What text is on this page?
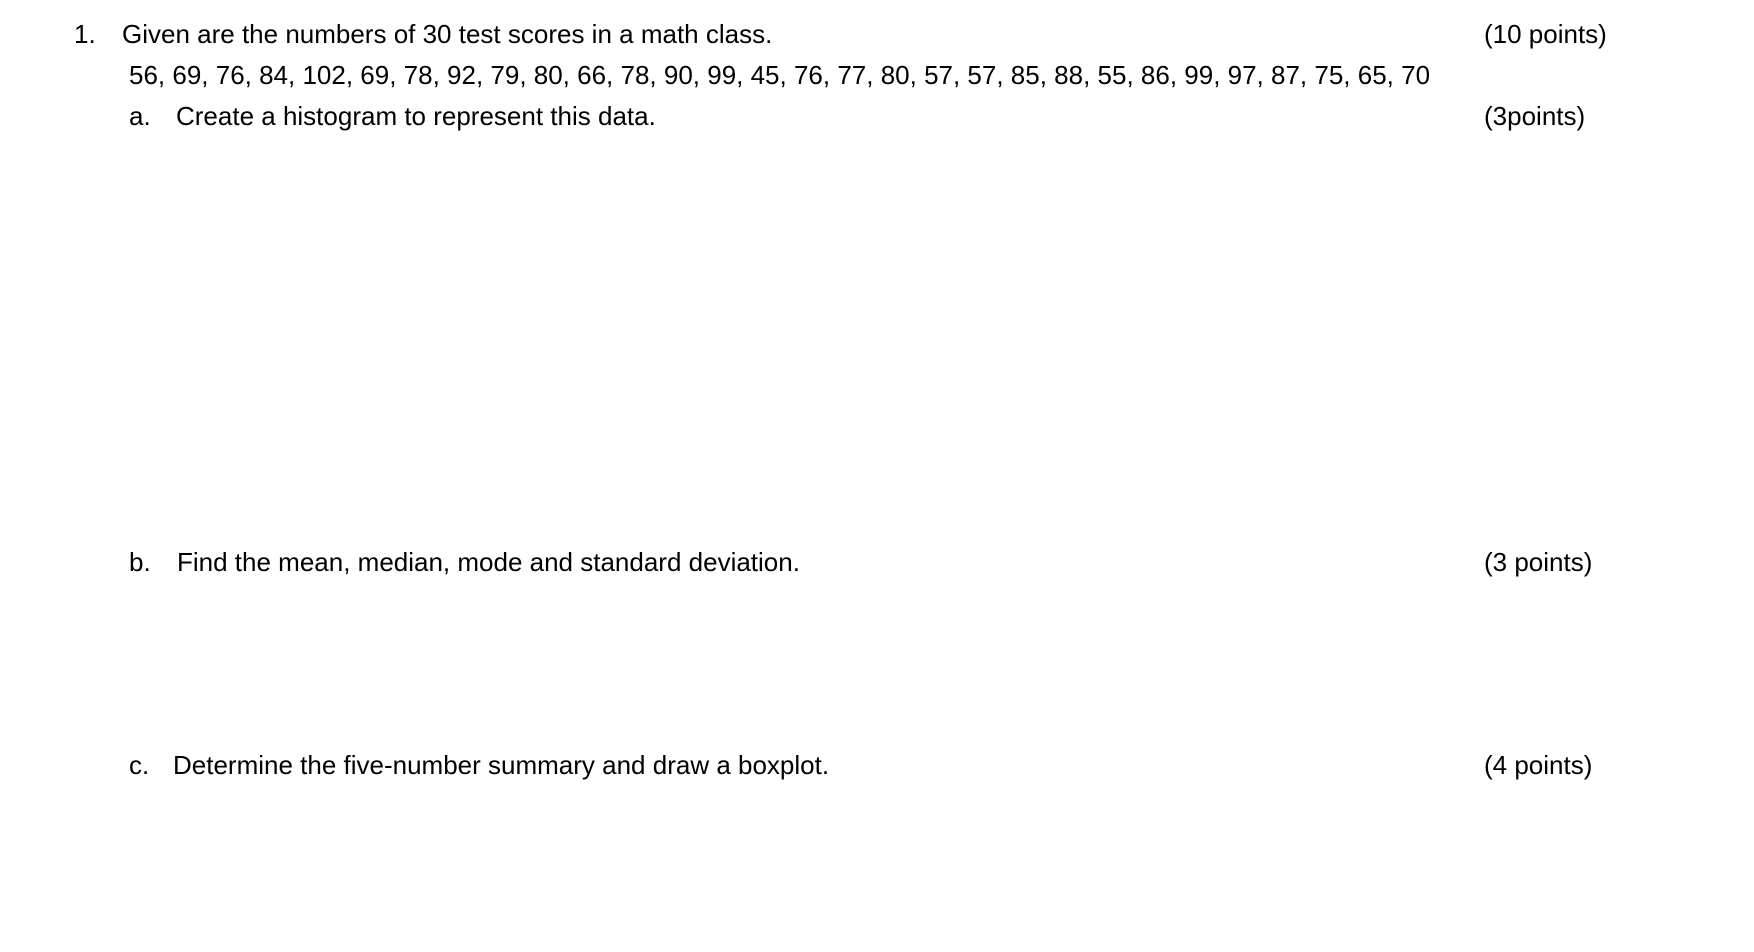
1. Given are the numbers of 30 test scores in a math class.	(10 points)
56, 69, 76, 84, 102, 69, 78, 92, 79, 80, 66, 78, 90, 99, 45, 76, 77, 80, 57, 57, 85, 88, 55, 86, 99, 97, 87, 75, 65, 70
a. Create a histogram to represent this data.	(3points)
b. Find the mean, median, mode and standard deviation.	(3 points)
c. Determine the five-number summary and draw a boxplot.	(4 points)
